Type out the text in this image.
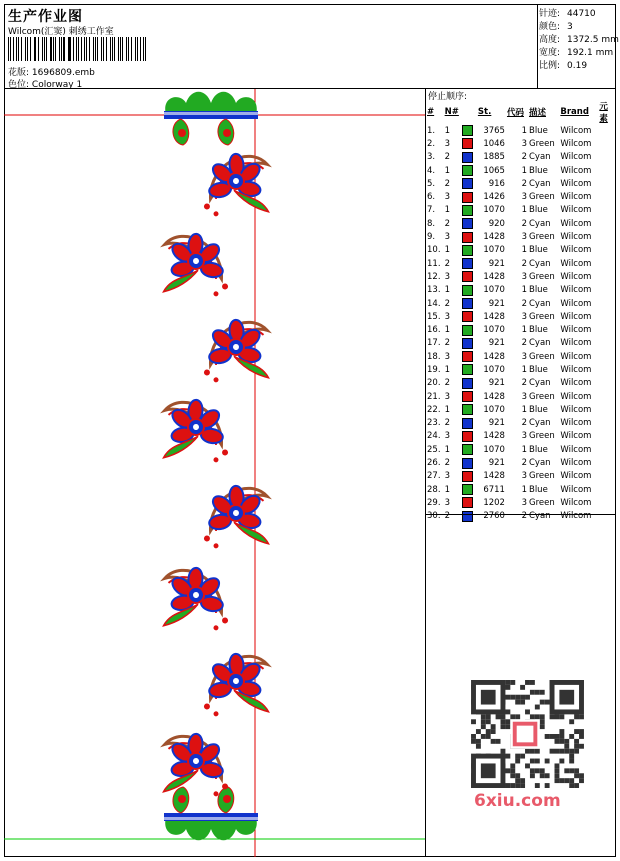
生产作业图
Wilcom(汇窦) 刺绣工作室
花版: 1696809.emb
色位: Colorway 1
针迹: 44710
颜色: 3
高度: 1372.5 mm
宽度: 192.1 mm
比例: 0.19
停止顺序:
#	N#		St.	代码	描述	Brand	元素
1.	1		3765	1	Blue	Wilcom	
2.	3		1046	3	Green	Wilcom	
3.	2		1885	2	Cyan	Wilcom	
4.	1		1065	1	Blue	Wilcom	
5.	2		916	2	Cyan	Wilcom	
6.	3		1426	3	Green	Wilcom	
7.	1		1070	1	Blue	Wilcom	
8.	2		920	2	Cyan	Wilcom	
9.	3		1428	3	Green	Wilcom	
10.	1		1070	1	Blue	Wilcom	
11.	2		921	2	Cyan	Wilcom	
12.	3		1428	3	Green	Wilcom	
13.	1		1070	1	Blue	Wilcom	
14.	2		921	2	Cyan	Wilcom	
15.	3		1428	3	Green	Wilcom	
16.	1		1070	1	Blue	Wilcom	
17.	2		921	2	Cyan	Wilcom	
18.	3		1428	3	Green	Wilcom	
19.	1		1070	1	Blue	Wilcom	
20.	2		921	2	Cyan	Wilcom	
21.	3		1428	3	Green	Wilcom	
22.	1		1070	1	Blue	Wilcom	
23.	2		921	2	Cyan	Wilcom	
24.	3		1428	3	Green	Wilcom	
25.	1		1070	1	Blue	Wilcom	
26.	2		921	2	Cyan	Wilcom	
27.	3		1428	3	Green	Wilcom	
28.	1		6711	1	Blue	Wilcom	
29.	3		1202	3	Green	Wilcom	
30.	2		2760	2	Cyan	Wilcom	
6xiu.com
